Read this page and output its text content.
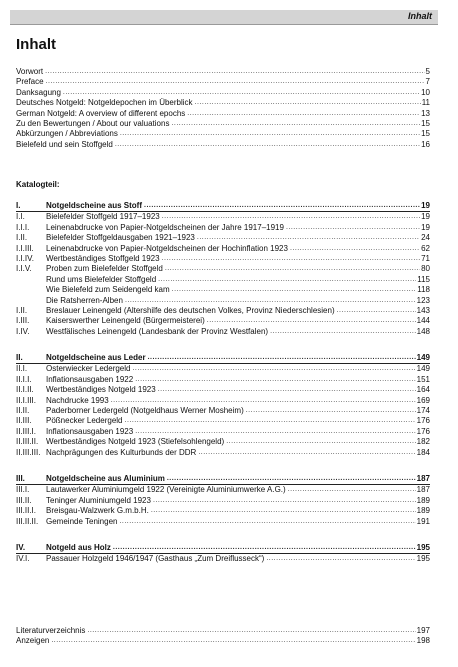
Inhalt
Inhalt
Vorwort .....	5
Preface .....	7
Danksagung .....	10
Deutsches Notgeld: Notgeldepochen im Überblick .....	11
German Notgeld: A overview of different epochs .....	13
Zu den Bewertungen / About our valuations .....	15
Abkürzungen / Abbreviations .....	15
Bielefeld und sein Stoffgeld .....	16
Katalogteil:
I.	Notgeldscheine aus Stoff .....	19
I.I.	Bielefelder Stoffgeld 1917–1923 .....	19
I.I.I.	Leinenabdrucke von Papier-Notgeldscheinen der Jahre 1917–1919 .....	19
I.II.	Bielefelder Stoffgeldausgaben 1921–1923 .....	24
I.I.III.	Leinenabdrucke von Papier-Notgeldscheinen der Hochinflation 1923 .....	62
I.I.IV.	Wertbeständiges Stoffgeld 1923 .....	71
I.I.V.	Proben zum Bielefelder Stoffgeld .....	80
Rund ums Bielefelder Stoffgeld .....	115
Wie Bielefeld zum Seidengeld kam .....	118
Die Ratsherren-Alben .....	123
I.II.	Breslauer Leinengeld (Altershilfe des deutschen Volkes, Provinz Niederschlesien) .....	143
I.III.	Kaiserswerther Leinengeld (Bürgermeisterei) .....	144
I.IV.	Westfälisches Leinengeld (Landesbank der Provinz Westfalen) .....	148
II.	Notgeldscheine aus Leder .....	149
II.I.	Osterwiecker Ledergeld .....	149
II.I.I.	Inflationsausgaben 1922 .....	151
II.I.II.	Wertbeständiges Notgeld 1923 .....	164
II.I.III.	Nachdrucke 1993 .....	169
II.II.	Paderborner Ledergeld (Notgeldhaus Werner Mosheim) .....	174
II.III.	Pößnecker Ledergeld .....	176
II.III.I.	Inflationsausgaben 1923 .....	176
II.III.II. Wertbeständiges Notgeld 1923 (Stiefelsohlengeld) .....	182
II.III.III. Nachprägungen des Kulturbunds der DDR .....	184
III.	Notgeldscheine aus Aluminium .....	187
III.I.	Lautawerker Aluminiumgeld 1922 (Vereinigte Aluminiumwerke A.G.) .....	187
III.II.	Teninger Aluminiumgeld 1923 .....	189
III.II.I.	Breisgau-Walzwerk G.m.b.H. .....	189
III.II.II. Gemeinde Teningen .....	191
IV.	Notgeld aus Holz .....	195
IV.I.	Passauer Holzgeld 1946/1947 (Gasthaus „Zum Dreiflusseck“) .....	195
Literaturverzeichnis .....	197
Anzeigen .....	198
